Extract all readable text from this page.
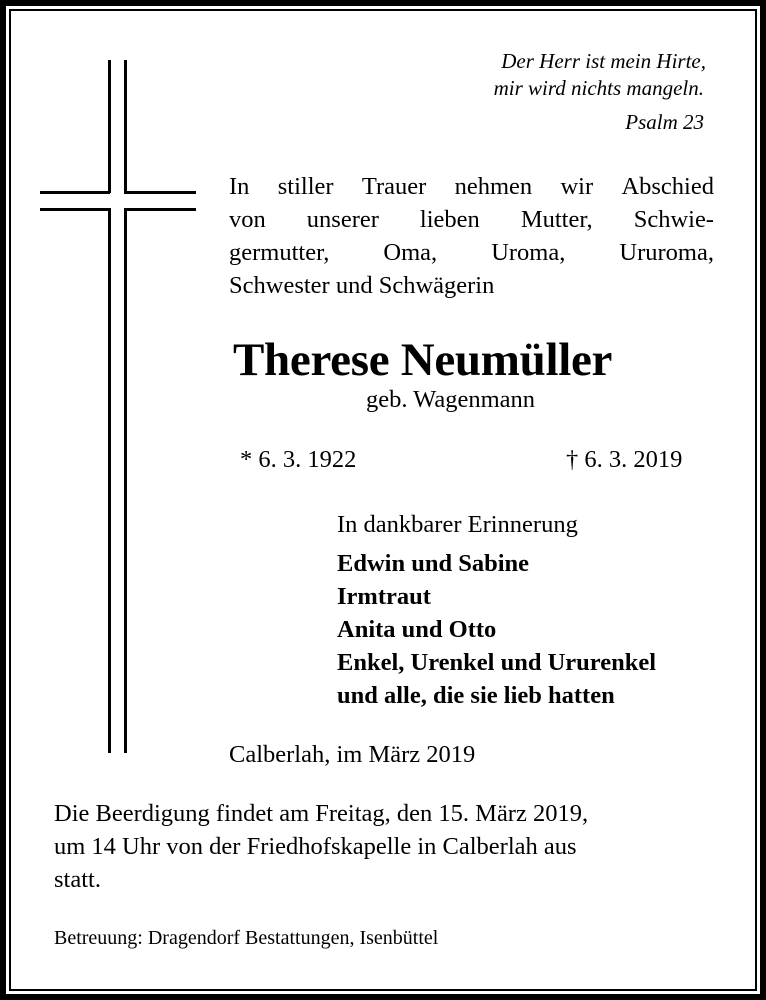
Der Herr ist mein Hirte,
mir wird nichts mangeln.
Psalm 23
In stiller Trauer nehmen wir Abschied
von unserer lieben Mutter, Schwie-
germutter, Oma, Uroma, Ururoma,
Schwester und Schwägerin
Therese Neumüller
geb. Wagenmann
* 6. 3. 1922	† 6. 3. 2019
In dankbarer Erinnerung
Edwin und Sabine
Irmtraut
Anita und Otto
Enkel, Urenkel und Ururenkel
und alle, die sie lieb hatten
Calberlah, im März 2019
Die Beerdigung findet am Freitag, den 15. März 2019,
um 14 Uhr von der Friedhofskapelle in Calberlah aus
statt.
Betreuung: Dragendorf Bestattungen, Isenbüttel
